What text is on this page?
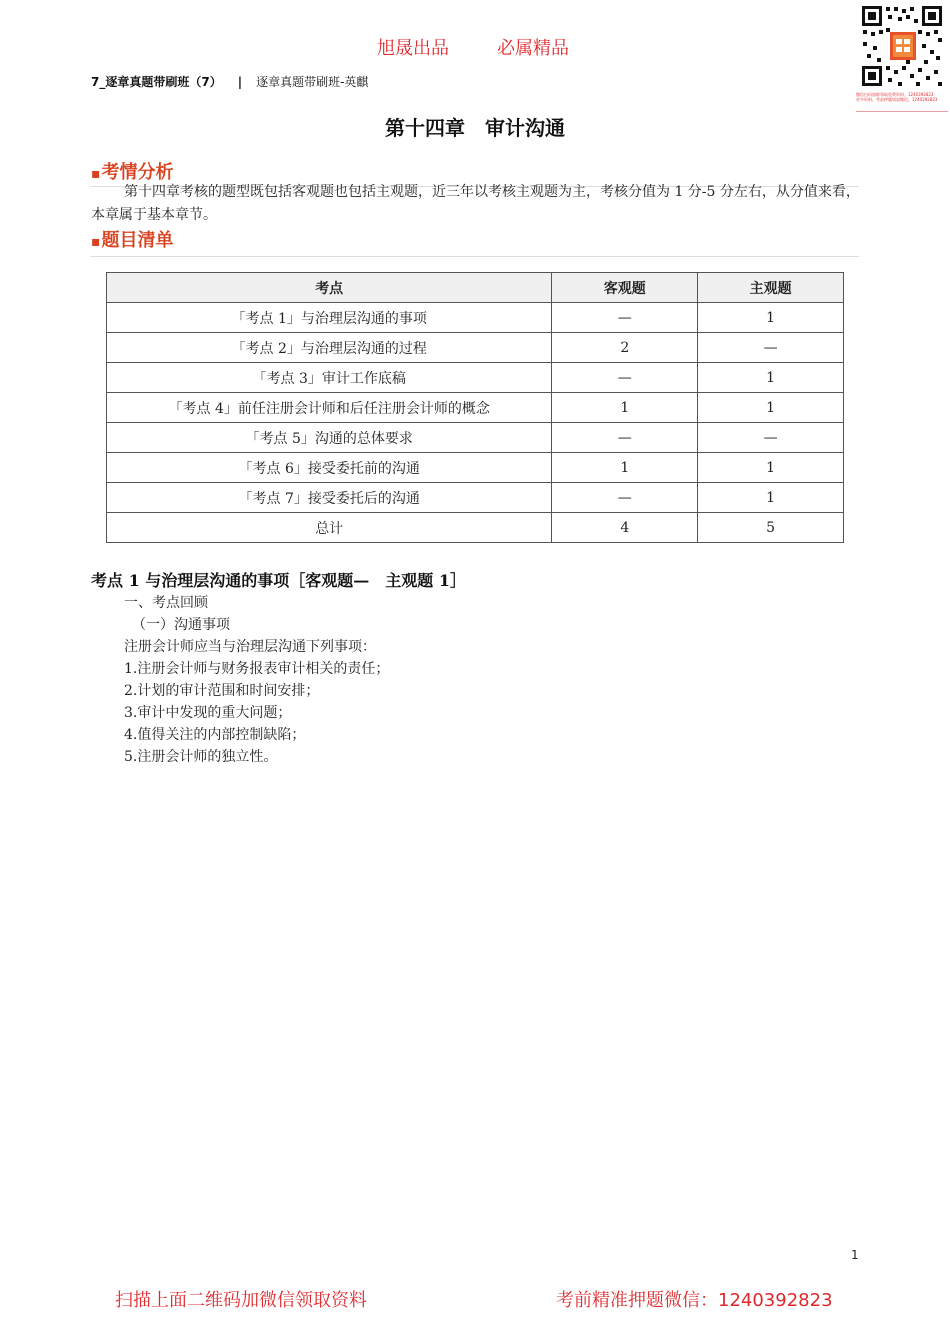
旭晟出品	必属精品
7_逐章真题带刷班（7） | 逐章真题带刷班-英麒
微信扫码加群领取免费资料，1240392823
更多资料，考前押题请加微信，1240392823
第十四章　审计沟通
▪考情分析
第十四章考核的题型既包括客观题也包括主观题，近三年以考核主观题为主，考核分值为 1 分-5 分左右，从分值来看，本章属于基本章节。
▪题目清单
考点	客观题	主观题
「考点 1」与治理层沟通的事项	—	1
「考点 2」与治理层沟通的过程	2	—
「考点 3」审计工作底稿	—	1
「考点 4」前任注册会计师和后任注册会计师的概念	1	1
「考点 5」沟通的总体要求	—	—
「考点 6」接受委托前的沟通	1	1
「考点 7」接受委托后的沟通	—	1
总计	4	5
考点 1 与治理层沟通的事项［客观题—　主观题 1］
一、考点回顾
（一）沟通事项
注册会计师应当与治理层沟通下列事项：
1.注册会计师与财务报表审计相关的责任；
2.计划的审计范围和时间安排；
3.审计中发现的重大问题；
4.值得关注的内部控制缺陷；
5.注册会计师的独立性。
1
扫描上面二维码加微信领取资料	考前精准押题微信：1240392823
